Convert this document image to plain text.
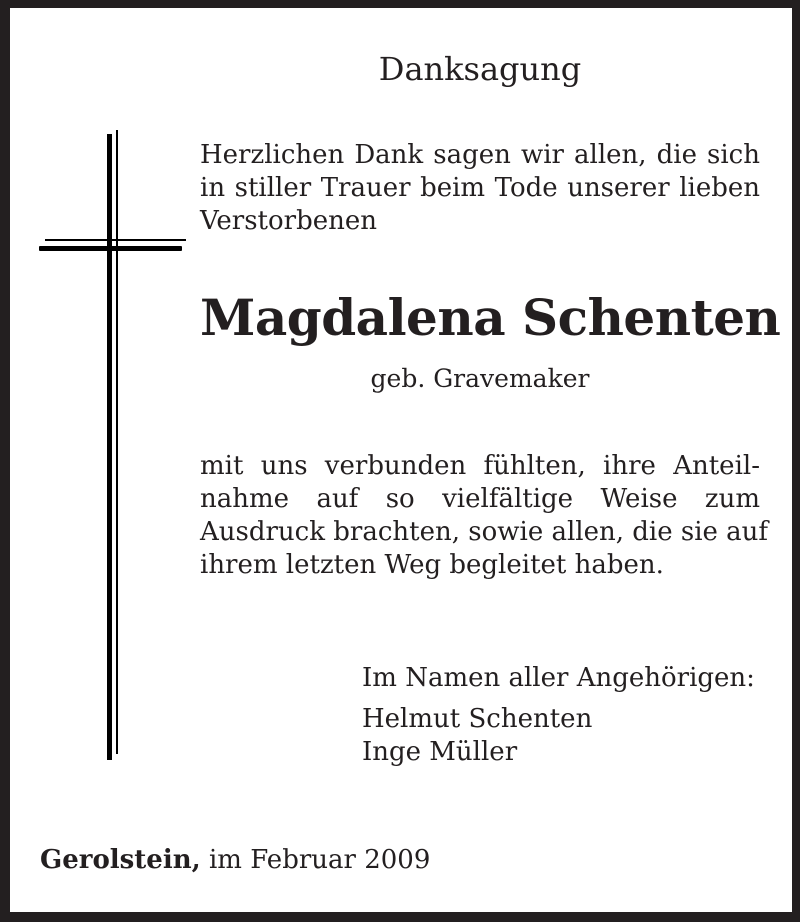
Danksagung
Herzlichen Dank sagen wir allen, die sich
in stiller Trauer beim Tode unserer lieben
Verstorbenen
Magdalena Schenten
geb. Gravemaker
mit uns verbunden fühlten, ihre Anteil-
nahme auf so vielfältige Weise zum
Ausdruck brachten, sowie allen, die sie auf
ihrem letzten Weg begleitet haben.
Im Namen aller Angehörigen:
Helmut Schenten
Inge Müller
Gerolstein, im Februar 2009
